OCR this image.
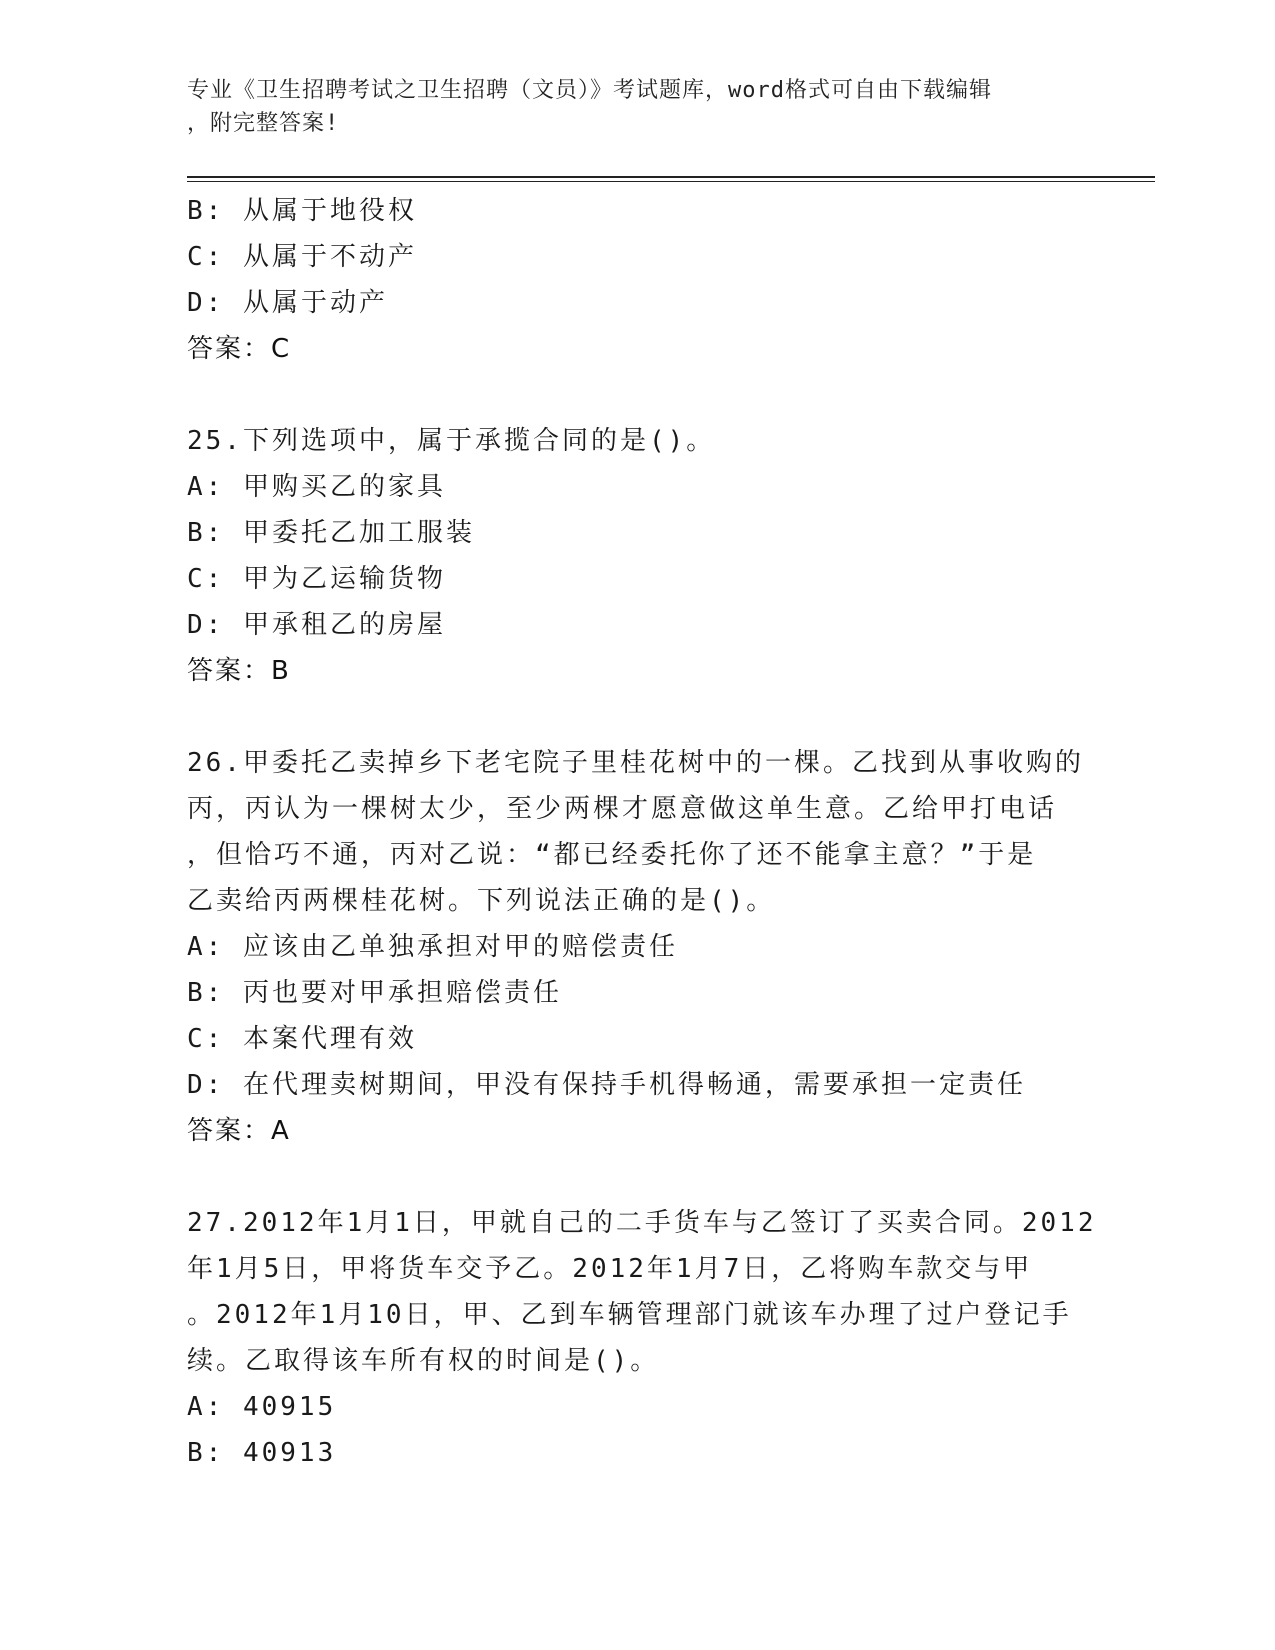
专业《卫生招聘考试之卫生招聘（文员）》考试题库，word格式可自由下载编辑
，附完整答案!
B: 从属于地役权
C: 从属于不动产
D: 从属于动产
答案：C
25.下列选项中，属于承揽合同的是()。
A: 甲购买乙的家具
B: 甲委托乙加工服装
C: 甲为乙运输货物
D: 甲承租乙的房屋
答案：B
26.甲委托乙卖掉乡下老宅院子里桂花树中的一棵。乙找到从事收购的
丙，丙认为一棵树太少，至少两棵才愿意做这单生意。乙给甲打电话
，但恰巧不通，丙对乙说：“都已经委托你了还不能拿主意？”于是
乙卖给丙两棵桂花树。下列说法正确的是()。
A: 应该由乙单独承担对甲的赔偿责任
B: 丙也要对甲承担赔偿责任
C: 本案代理有效
D: 在代理卖树期间，甲没有保持手机得畅通，需要承担一定责任
答案：A
27.2012年1月1日，甲就自己的二手货车与乙签订了买卖合同。2012
年1月5日，甲将货车交予乙。2012年1月7日，乙将购车款交与甲
。2012年1月10日，甲、乙到车辆管理部门就该车办理了过户登记手
续。乙取得该车所有权的时间是()。
A: 40915
B: 40913
